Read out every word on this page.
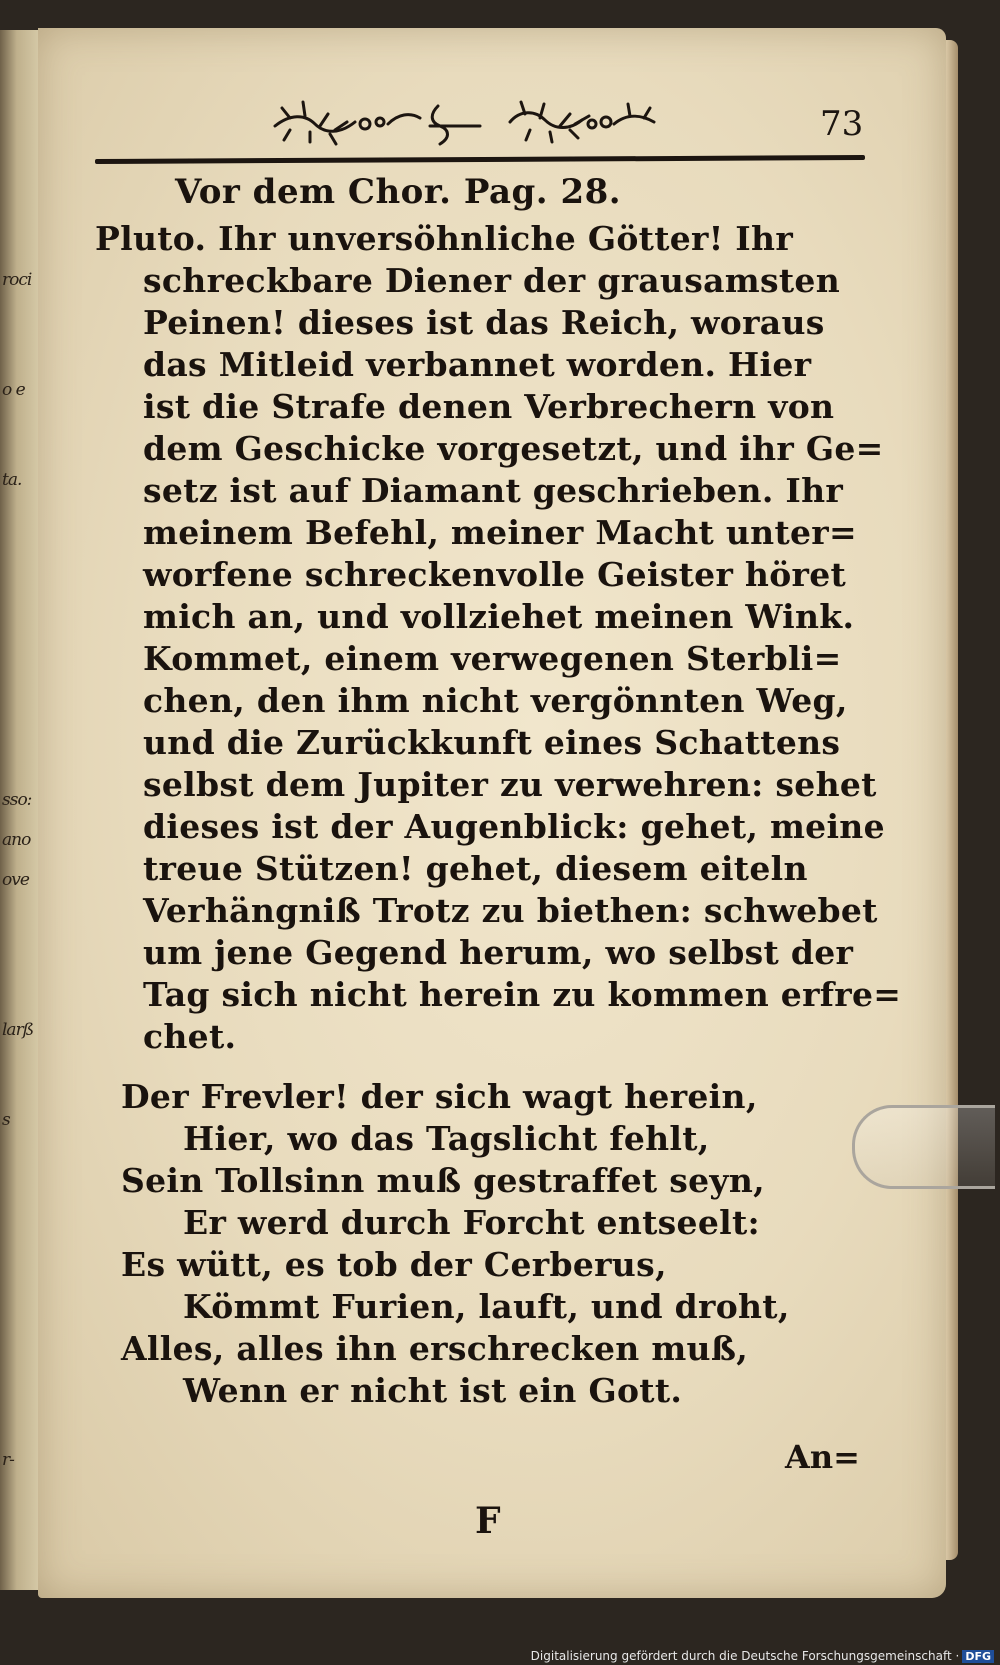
roci
o e
ta.
sso:
ano
ove
larß
s
r-
73
Vor dem Chor. Pag. 28.
Pluto. Ihr unversöhnliche Götter! Ihr
schreckbare Diener der grausamsten
Peinen! dieses ist das Reich, woraus
das Mitleid verbannet worden. Hier
ist die Strafe denen Verbrechern von
dem Geschicke vorgesetzt, und ihr Ge=
setz ist auf Diamant geschrieben. Ihr
meinem Befehl, meiner Macht unter=
worfene schreckenvolle Geister höret
mich an, und vollziehet meinen Wink.
Kommet, einem verwegenen Sterbli=
chen, den ihm nicht vergönnten Weg,
und die Zurückkunft eines Schattens
selbst dem Jupiter zu verwehren: sehet
dieses ist der Augenblick: gehet, meine
treue Stützen! gehet, diesem eiteln
Verhängniß Trotz zu biethen: schwebet
um jene Gegend herum, wo selbst der
Tag sich nicht herein zu kommen erfre=
chet.
Der Frevler! der sich wagt herein,
Hier, wo das Tagslicht fehlt,
Sein Tollsinn muß gestraffet seyn,
Er werd durch Forcht entseelt:
Es wütt, es tob der Cerberus,
Kömmt Furien, lauft, und droht,
Alles, alles ihn erschrecken muß,
Wenn er nicht ist ein Gott.
F
An=
Digitalisierung gefördert durch die Deutsche Forschungsgemeinschaft · DFG
